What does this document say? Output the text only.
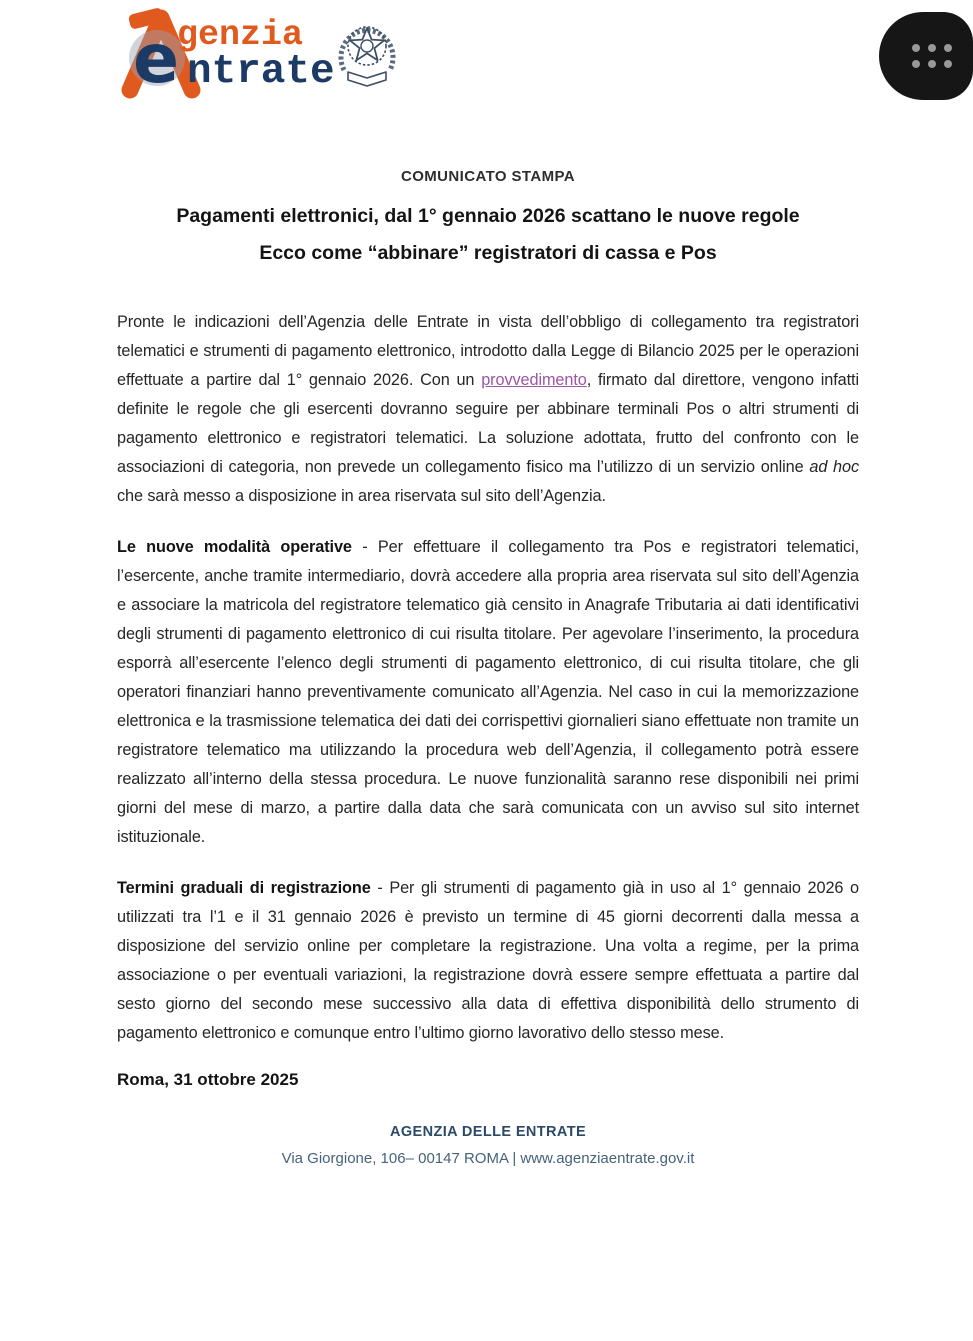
e
genzia
ntrate
COMUNICATO STAMPA
Pagamenti elettronici, dal 1° gennaio 2026 scattano le nuove regole
Ecco come “abbinare” registratori di cassa e Pos

Pronte le indicazioni dell’Agenzia delle Entrate in vista dell’obbligo di collegamento tra registratori telematici e strumenti di pagamento elettronico, introdotto dalla Legge di Bilancio 2025 per le operazioni effettuate a partire dal 1° gennaio 2026. Con un provvedimento, firmato dal direttore, vengono infatti definite le regole che gli esercenti dovranno seguire per abbinare terminali Pos o altri strumenti di pagamento elettronico e registratori telematici. La soluzione adottata, frutto del confronto con le associazioni di categoria, non prevede un collegamento fisico ma l’utilizzo di un servizio online ad hoc che sarà messo a disposizione in area riservata sul sito dell’Agenzia.

Le nuove modalità operative - Per effettuare il collegamento tra Pos e registratori telematici, l’esercente, anche tramite intermediario, dovrà accedere alla propria area riservata sul sito dell’Agenzia e associare la matricola del registratore telematico già censito in Anagrafe Tributaria ai dati identificativi degli strumenti di pagamento elettronico di cui risulta titolare. Per agevolare l’inserimento, la procedura esporrà all’esercente l’elenco degli strumenti di pagamento elettronico, di cui risulta titolare, che gli operatori finanziari hanno preventivamente comunicato all’Agenzia. Nel caso in cui la memorizzazione elettronica e la trasmissione telematica dei dati dei corrispettivi giornalieri siano effettuate non tramite un registratore telematico ma utilizzando la procedura web dell’Agenzia, il collegamento potrà essere realizzato all’interno della stessa procedura. Le nuove funzionalità saranno rese disponibili nei primi giorni del mese di marzo, a partire dalla data che sarà comunicata con un avviso sul sito internet istituzionale.

Termini graduali di registrazione - Per gli strumenti di pagamento già in uso al 1° gennaio 2026 o utilizzati tra l’1 e il 31 gennaio 2026 è previsto un termine di 45 giorni decorrenti dalla messa a disposizione del servizio online per completare la registrazione. Una volta a regime, per la prima associazione o per eventuali variazioni, la registrazione dovrà essere sempre effettuata a partire dal sesto giorno del secondo mese successivo alla data di effettiva disponibilità dello strumento di pagamento elettronico e comunque entro l’ultimo giorno lavorativo dello stesso mese.

Roma, 31 ottobre 2025
AGENZIA DELLE ENTRATE
Via Giorgione, 106– 00147 ROMA | www.agenziaentrate.gov.it
